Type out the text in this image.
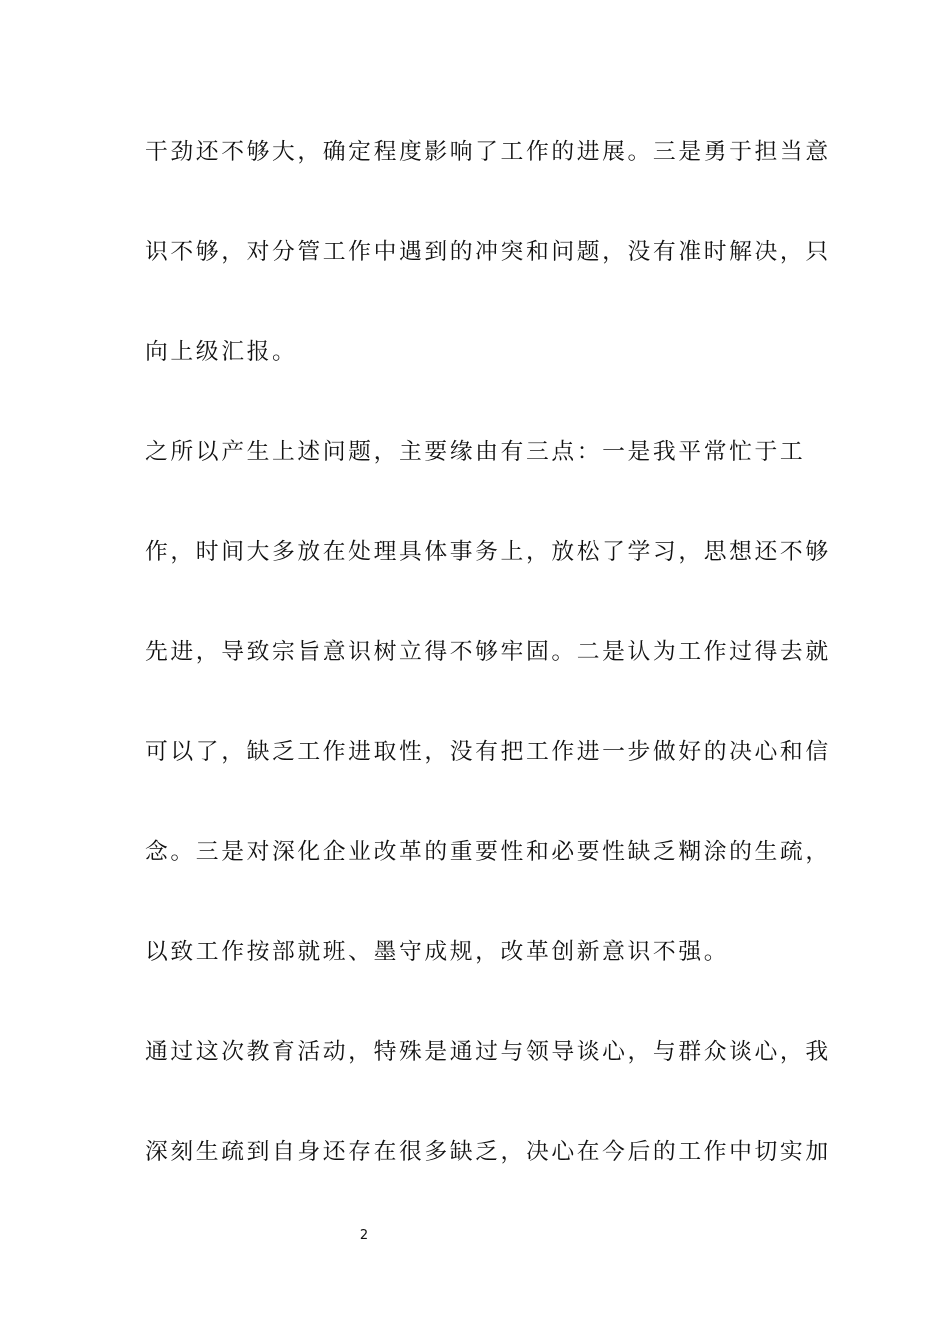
干劲还不够大，确定程度影响了工作的进展。三是勇于担当意
识不够，对分管工作中遇到的冲突和问题，没有准时解决，只
向上级汇报。
之所以产生上述问题，主要缘由有三点：一是我平常忙于工
作，时间大多放在处理具体事务上，放松了学习，思想还不够
先进，导致宗旨意识树立得不够牢固。二是认为工作过得去就
可以了，缺乏工作进取性，没有把工作进一步做好的决心和信
念。三是对深化企业改革的重要性和必要性缺乏糊涂的生疏，
以致工作按部就班、墨守成规，改革创新意识不强。
通过这次教育活动，特殊是通过与领导谈心，与群众谈心，我
深刻生疏到自身还存在很多缺乏，决心在今后的工作中切实加
2
